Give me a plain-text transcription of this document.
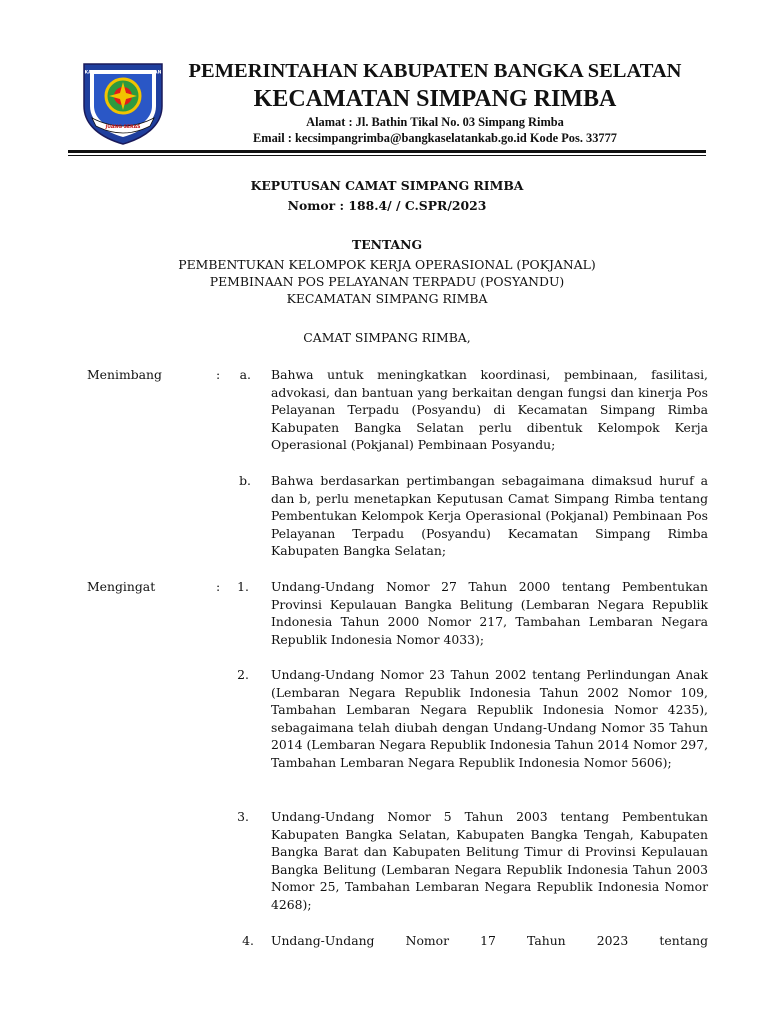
KABUPATEN BANGKA SELATAN
JUANG SERAS
PEMERINTAHAN KABUPATEN BANGKA SELATAN
KECAMATAN SIMPANG RIMBA
Alamat : Jl. Bathin Tikal No. 03 Simpang Rimba
Email : kecsimpangrimba@bangkaselatankab.go.id Kode Pos. 33777
KEPUTUSAN CAMAT SIMPANG RIMBA
Nomor : 188.4/ / C.SPR/2023
TENTANG
PEMBENTUKAN KELOMPOK KERJA OPERASIONAL (POKJANAL)
PEMBINAAN POS PELAYANAN TERPADU (POSYANDU)
KECAMATAN SIMPANG RIMBA
CAMAT SIMPANG RIMBA,
Menimbang	:	a. Bahwa untuk meningkatkan koordinasi, pembinaan, fasilitasi, advokasi, dan bantuan yang berkaitan dengan fungsi dan kinerja Pos Pelayanan Terpadu (Posyandu) di Kecamatan Simpang Rimba Kabupaten Bangka Selatan perlu dibentuk Kelompok Kerja Operasional (Pokjanal) Pembinaan Posyandu;
b. Bahwa berdasarkan pertimbangan sebagaimana dimaksud huruf a dan b, perlu menetapkan Keputusan Camat Simpang Rimba tentang Pembentukan Kelompok Kerja Operasional (Pokjanal) Pembinaan Pos Pelayanan Terpadu (Posyandu) Kecamatan Simpang Rimba Kabupaten Bangka Selatan;
Mengingat	:	1. Undang-Undang Nomor 27 Tahun 2000 tentang Pembentukan Provinsi Kepulauan Bangka Belitung (Lembaran Negara Republik Indonesia Tahun 2000 Nomor 217, Tambahan Lembaran Negara Republik Indonesia Nomor 4033);
2. Undang-Undang Nomor 23 Tahun 2002 tentang Perlindungan Anak (Lembaran Negara Republik Indonesia Tahun 2002 Nomor 109, Tambahan Lembaran Negara Republik Indonesia Nomor 4235), sebagaimana telah diubah dengan Undang-Undang Nomor 35 Tahun 2014 (Lembaran Negara Republik Indonesia Tahun 2014 Nomor 297, Tambahan Lembaran Negara Republik Indonesia Nomor 5606);
3. Undang-Undang Nomor 5 Tahun 2003 tentang Pembentukan Kabupaten Bangka Selatan, Kabupaten Bangka Tengah, Kabupaten Bangka Barat dan Kabupaten Belitung Timur di Provinsi Kepulauan Bangka Belitung (Lembaran Negara Republik Indonesia Tahun 2003 Nomor 25, Tambahan Lembaran Negara Republik Indonesia Nomor 4268);
4. Undang-Undang Nomor 17 Tahun 2023 tentang
